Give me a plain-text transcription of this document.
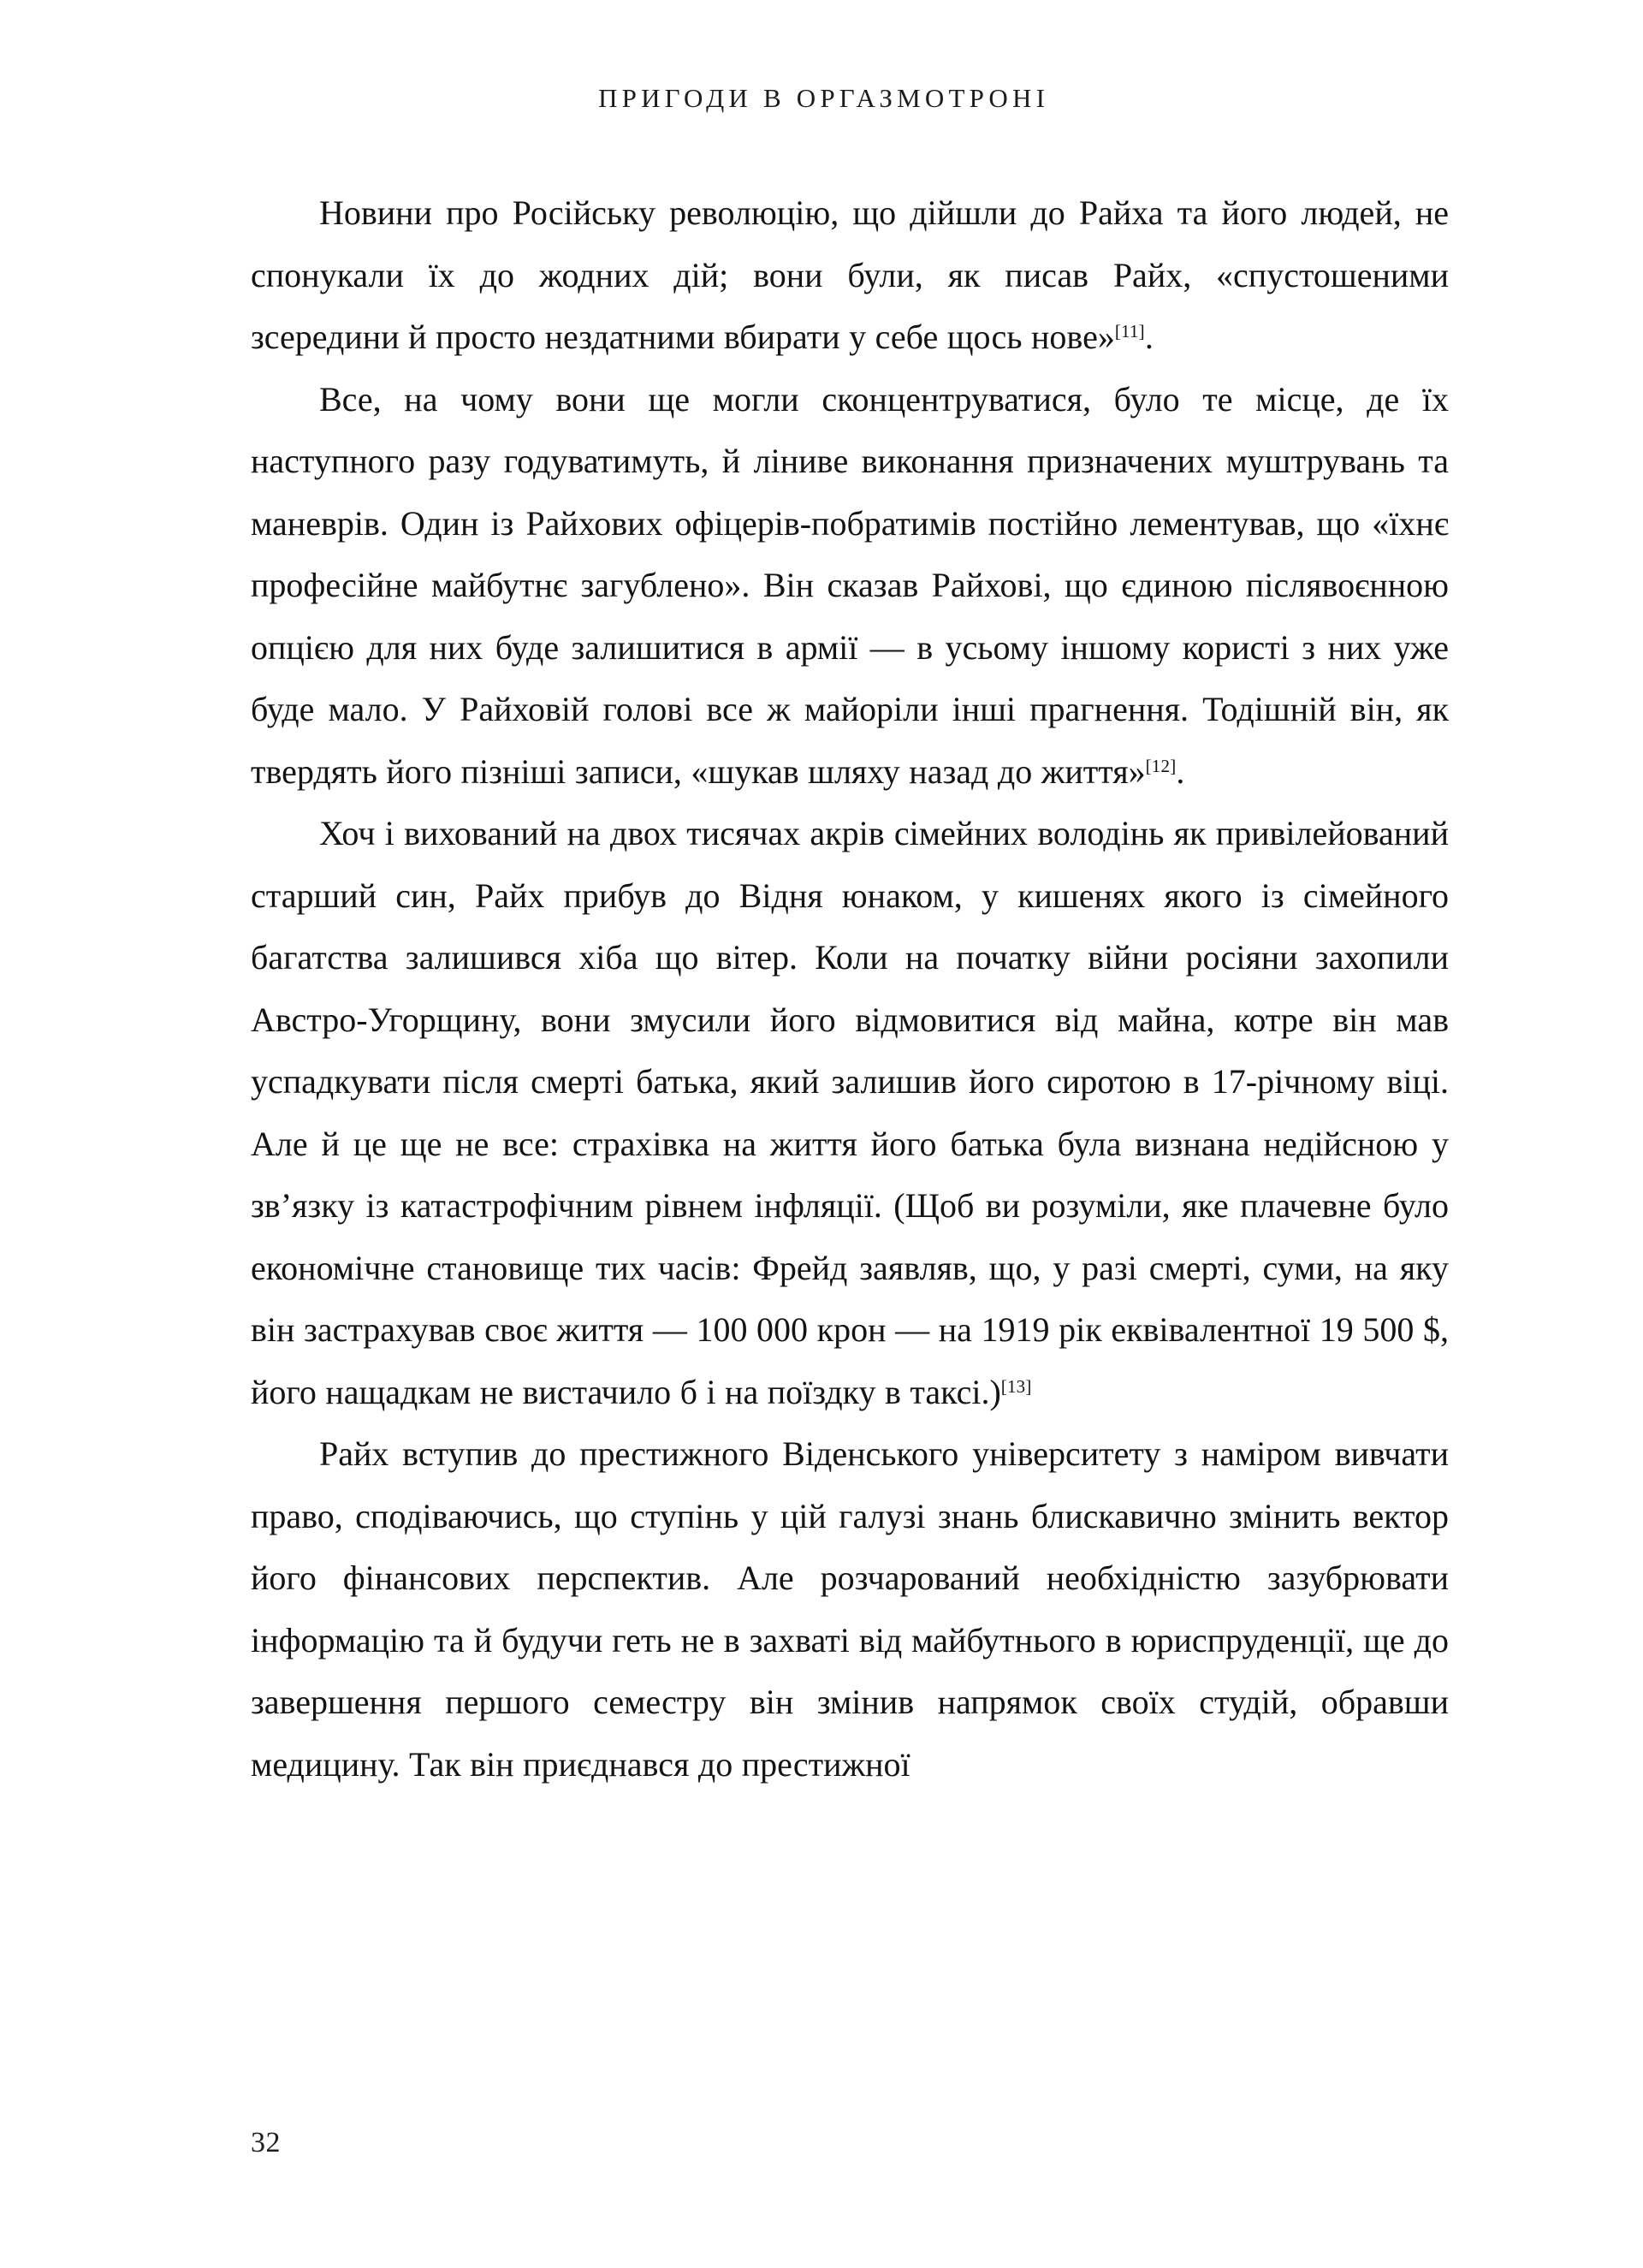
ПРИГОДИ В ОРГАЗМОТРОНІ

Новини про Російську революцію, що дійшли до Райха та його людей, не спонукали їх до жодних дій; вони були, як писав Райх, «спустошеними зсередини й просто нездатними вбирати у себе щось нове»[11].

Все, на чому вони ще могли сконцентруватися, було те місце, де їх наступного разу годуватимуть, й лінивe виконання призначених муштрувань та маневрів. Один із Райхових офіцерів-побратимів постійно лементував, що «їхнє професійне майбутнє загублено». Він сказав Райхові, що єдиною післявоєнною опцією для них буде залишитися в армії — в усьому іншому користі з них уже буде мало. У Райховій голові все ж майоріли інші прагнення. Тодішній він, як твердять його пізніші записи, «шукав шляху назад до життя»[12].

Хоч і вихований на двох тисячах акрів сімейних володінь як привілейований старший син, Райх прибув до Відня юнаком, у кишенях якого із сімейного багатства залишився хіба що вітер. Коли на початку війни росіяни захопили Австро-Угорщину, вони змусили його відмовитися від майна, котре він мав успадкувати після смерті батька, який залишив його сиротою в 17-річному віці. Але й це ще не все: страхівка на життя його батька була визнана недійсною у зв’язку із катастрофічним рівнем інфляції. (Щоб ви розуміли, яке плачевне було економічне становище тих часів: Фрейд заявляв, що, у разі смерті, суми, на яку він застрахував своє життя — 100 000 крон — на 1919 рік еквівалентної 19 500 $, його нащадкам не вистачило б і на поїздку в таксі.)[13]

Райх вступив до престижного Віденського університету з наміром вивчати право, сподіваючись, що ступінь у цій галузі знань блискавично змінить вектор його фінансових перспектив. Але розчарований необхідністю зазубрювати інформацію та й будучи геть не в захваті від майбутнього в юриспруденції, ще до завершення першого семестру він змінив напрямок своїх студій, обравши медицину. Так він приєднався до престижної

32
